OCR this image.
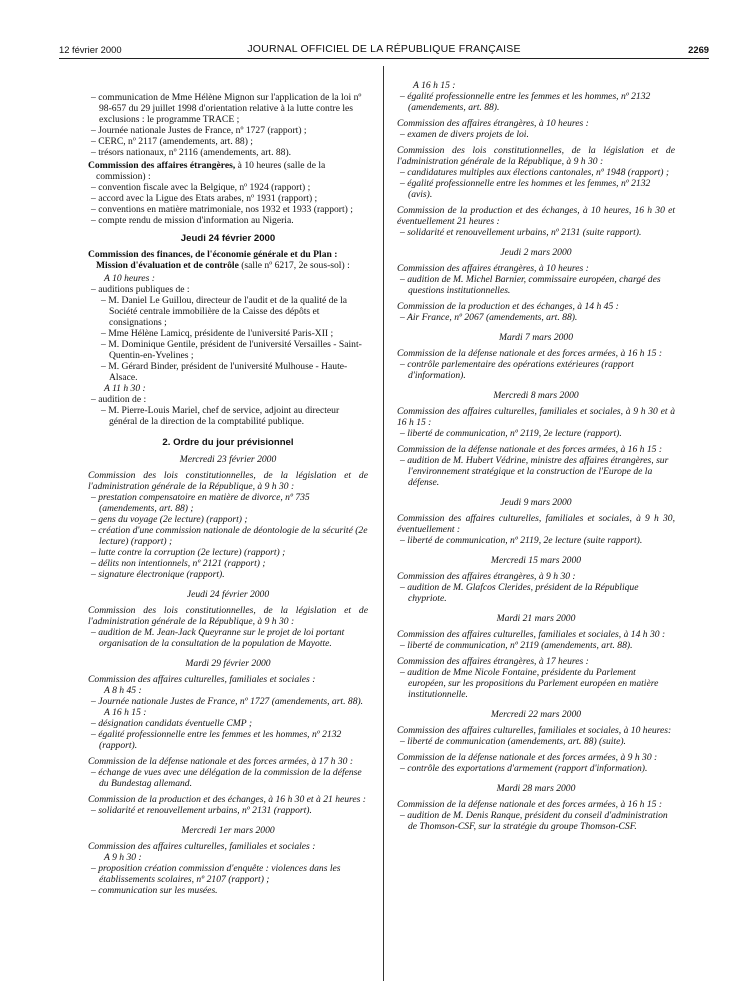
12 février 2000	JOURNAL OFFICIEL DE LA RÉPUBLIQUE FRANÇAISE	2269

– communication de Mme Hélène Mignon sur l'application de la loi nº 98-657 du 29 juillet 1998 d'orientation relative à la lutte contre les exclusions : le programme TRACE ;

– Journée nationale Justes de France, nº 1727 (rapport) ;

– CERC, nº 2117 (amendements, art. 88) ;

– trésors nationaux, nº 2116 (amendements, art. 88).

Commission des affaires étrangères, à 10 heures (salle de la commission) :

– convention fiscale avec la Belgique, nº 1924 (rapport) ;

– accord avec la Ligue des Etats arabes, nº 1931 (rapport) ;

– conventions en matière matrimoniale, nos 1932 et 1933 (rapport) ;

– compte rendu de mission d'information au Nigeria.

Jeudi 24 février 2000

Commission des finances, de l'économie générale et du Plan : Mission d'évaluation et de contrôle (salle nº 6217, 2e sous-sol) :

A 10 heures :

– auditions publiques de :

– M. Daniel Le Guillou, directeur de l'audit et de la qualité de la Société centrale immobilière de la Caisse des dépôts et consignations ;

– Mme Hélène Lamicq, présidente de l'université Paris-XII ;

– M. Dominique Gentile, président de l'université Versailles - Saint-Quentin-en-Yvelines ;

– M. Gérard Binder, président de l'université Mulhouse - Haute-Alsace.

A 11 h 30 :

– audition de :

– M. Pierre-Louis Mariel, chef de service, adjoint au directeur général de la direction de la comptabilité publique.

2. Ordre du jour prévisionnel
Mercredi 23 février 2000

Commission des lois constitutionnelles, de la législation et de l'administration générale de la République, à 9 h 30 :

– prestation compensatoire en matière de divorce, nº 735 (amendements, art. 88) ;

– gens du voyage (2e lecture) (rapport) ;

– création d'une commission nationale de déontologie de la sécurité (2e lecture) (rapport) ;

– lutte contre la corruption (2e lecture) (rapport) ;

– délits non intentionnels, nº 2121 (rapport) ;

– signature électronique (rapport).

Jeudi 24 février 2000

Commission des lois constitutionnelles, de la législation et de l'administration générale de la République, à 9 h 30 :

– audition de M. Jean-Jack Queyranne sur le projet de loi portant organisation de la consultation de la population de Mayotte.

Mardi 29 février 2000

Commission des affaires culturelles, familiales et sociales :

A 8 h 45 :

– Journée nationale Justes de France, nº 1727 (amendements, art. 88).

A 16 h 15 :

– désignation candidats éventuelle CMP ;

– égalité professionnelle entre les femmes et les hommes, nº 2132 (rapport).

Commission de la défense nationale et des forces armées, à 17 h 30 :

– échange de vues avec une délégation de la commission de la défense du Bundestag allemand.

Commission de la production et des échanges, à 16 h 30 et à 21 heures :

– solidarité et renouvellement urbains, nº 2131 (rapport).

Mercredi 1er mars 2000

Commission des affaires culturelles, familiales et sociales :

A 9 h 30 :

– proposition création commission d'enquête : violences dans les établissements scolaires, nº 2107 (rapport) ;

– communication sur les musées.

A 16 h 15 :

– égalité professionnelle entre les femmes et les hommes, nº 2132 (amendements, art. 88).

Commission des affaires étrangères, à 10 heures :

– examen de divers projets de loi.

Commission des lois constitutionnelles, de la législation et de l'administration générale de la République, à 9 h 30 :

– candidatures multiples aux élections cantonales, nº 1948 (rapport) ;

– égalité professionnelle entre les hommes et les femmes, nº 2132 (avis).

Commission de la production et des échanges, à 10 heures, 16 h 30 et éventuellement 21 heures :

– solidarité et renouvellement urbains, nº 2131 (suite rapport).

Jeudi 2 mars 2000

Commission des affaires étrangères, à 10 heures :

– audition de M. Michel Barnier, commissaire européen, chargé des questions institutionnelles.

Commission de la production et des échanges, à 14 h 45 :

– Air France, nº 2067 (amendements, art. 88).

Mardi 7 mars 2000

Commission de la défense nationale et des forces armées, à 16 h 15 :

– contrôle parlementaire des opérations extérieures (rapport d'information).

Mercredi 8 mars 2000

Commission des affaires culturelles, familiales et sociales, à 9 h 30 et à 16 h 15 :

– liberté de communication, nº 2119, 2e lecture (rapport).

Commission de la défense nationale et des forces armées, à 16 h 15 :

– audition de M. Hubert Védrine, ministre des affaires étrangères, sur l'environnement stratégique et la construction de l'Europe de la défense.

Jeudi 9 mars 2000

Commission des affaires culturelles, familiales et sociales, à 9 h 30, éventuellement :

– liberté de communication, nº 2119, 2e lecture (suite rapport).

Mercredi 15 mars 2000

Commission des affaires étrangères, à 9 h 30 :

– audition de M. Glafcos Clerides, président de la République chypriote.

Mardi 21 mars 2000

Commission des affaires culturelles, familiales et sociales, à 14 h 30 :

– liberté de communication, nº 2119 (amendements, art. 88).

Commission des affaires étrangères, à 17 heures :

– audition de Mme Nicole Fontaine, présidente du Parlement européen, sur les propositions du Parlement européen en matière institutionnelle.

Mercredi 22 mars 2000

Commission des affaires culturelles, familiales et sociales, à 10 heures:

– liberté de communication (amendements, art. 88) (suite).

Commission de la défense nationale et des forces armées, à 9 h 30 :

– contrôle des exportations d'armement (rapport d'information).

Mardi 28 mars 2000

Commission de la défense nationale et des forces armées, à 16 h 15 :

– audition de M. Denis Ranque, président du conseil d'administration de Thomson-CSF, sur la stratégie du groupe Thomson-CSF.
